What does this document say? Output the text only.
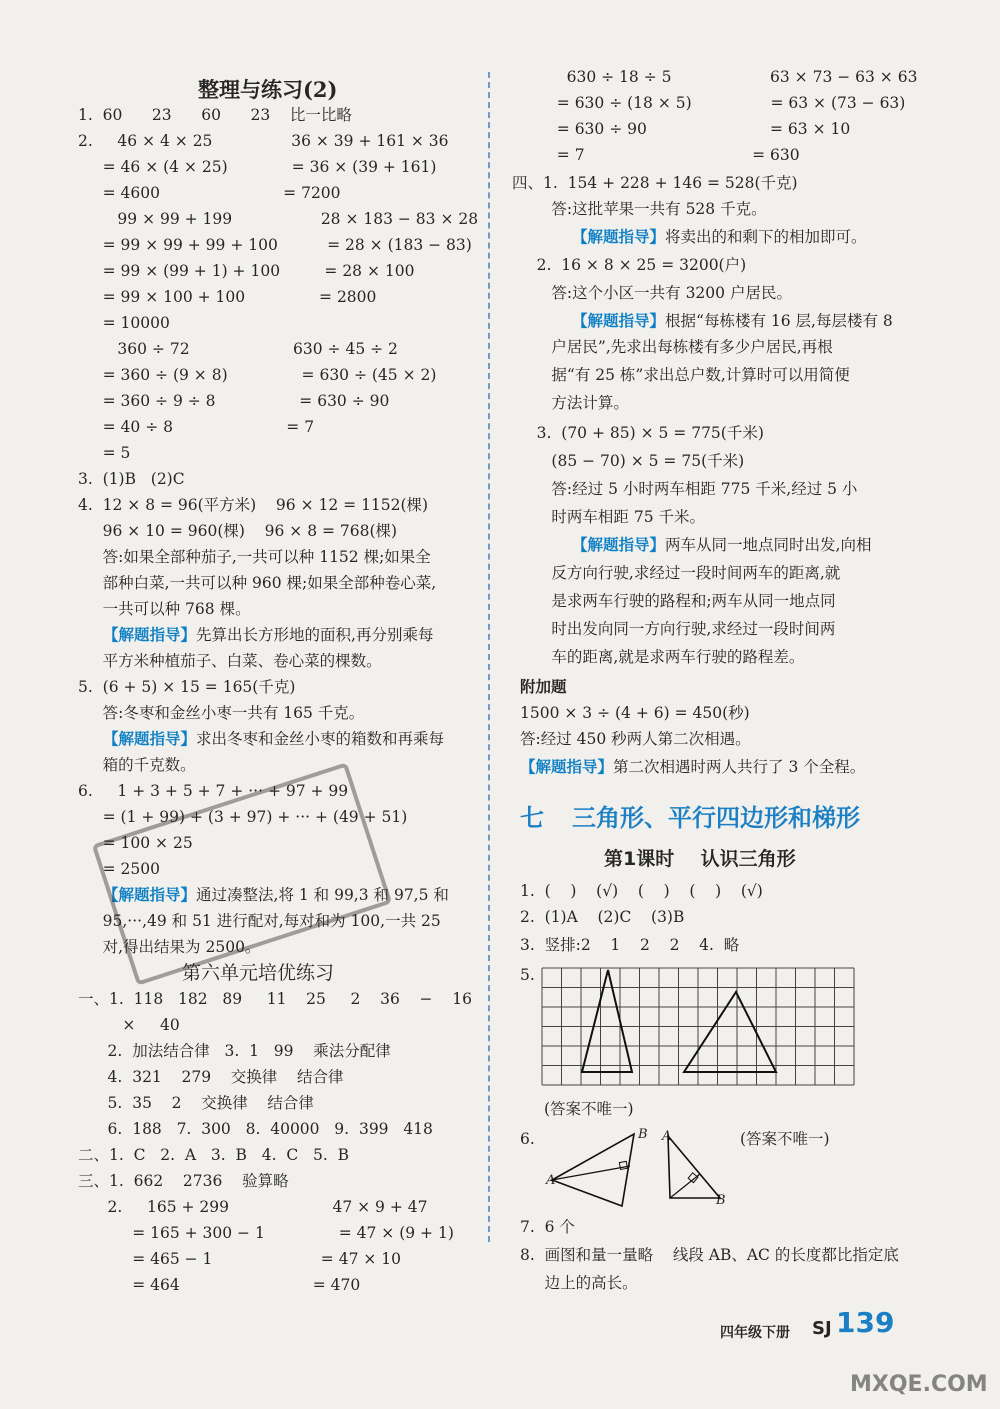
整理与练习(2)
1.  60      23      60      23    比一比略
2.     46 × 4 × 25                36 × 39 + 161 × 36
= 46 × (4 × 25)             = 36 × (39 + 161)
= 4600                         = 7200
99 × 99 + 199                  28 × 183 − 83 × 28
= 99 × 99 + 99 + 100          = 28 × (183 − 83)
= 99 × (99 + 1) + 100         = 28 × 100
= 99 × 100 + 100               = 2800
= 10000
360 ÷ 72                     630 ÷ 45 ÷ 2
= 360 ÷ (9 × 8)               = 630 ÷ (45 × 2)
= 360 ÷ 9 ÷ 8                 = 630 ÷ 90
= 40 ÷ 8                       = 7
= 5
3.  (1)B   (2)C
4.  12 × 8 = 96(平方米)    96 × 12 = 1152(棵)
96 × 10 = 960(棵)    96 × 8 = 768(棵)
答:如果全部种茄子,一共可以种 1152 棵;如果全
部种白菜,一共可以种 960 棵;如果全部种卷心菜,
一共可以种 768 棵。
【解题指导】先算出长方形地的面积,再分别乘每
平方米种植茄子、白菜、卷心菜的棵数。
5.  (6 + 5) × 15 = 165(千克)
答:冬枣和金丝小枣一共有 165 千克。
【解题指导】求出冬枣和金丝小枣的箱数和再乘每
箱的千克数。
6.     1 + 3 + 5 + 7 + ··· + 97 + 99
= (1 + 99) + (3 + 97) + ··· + (49 + 51)
= 100 × 25
= 2500
【解题指导】通过凑整法,将 1 和 99,3 和 97,5 和
95,···,49 和 51 进行配对,每对和为 100,一共 25
对,得出结果为 2500。
第六单元培优练习
一、1.  118   182   89     11    25     2    36    −    16
×     40
2.  加法结合律   3.  1   99    乘法分配律
4.  321    279    交换律    结合律
5.  35    2    交换律    结合律
6.  188   7.  300   8.  40000   9.  399   418
二、1.  C   2.  A   3.  B   4.  C   5.  B
三、1.  662    2736    验算略
2.     165 + 299                     47 × 9 + 47
= 165 + 300 − 1               = 47 × (9 + 1)
= 465 − 1                      = 47 × 10
= 464                           = 470
630 ÷ 18 ÷ 5                    63 × 73 − 63 × 63
= 630 ÷ (18 × 5)                = 63 × (73 − 63)
= 630 ÷ 90                         = 63 × 10
= 7                                  = 630
四、1.  154 + 228 + 146 = 528(千克)
答:这批苹果一共有 528 千克。
【解题指导】将卖出的和剩下的相加即可。
2.  16 × 8 × 25 = 3200(户)
答:这个小区一共有 3200 户居民。
【解题指导】根据“每栋楼有 16 层,每层楼有 8
户居民”,先求出每栋楼有多少户居民,再根
据“有 25 栋”求出总户数,计算时可以用简便
方法计算。
3.  (70 + 85) × 5 = 775(千米)
(85 − 70) × 5 = 75(千米)
答:经过 5 小时两车相距 775 千米,经过 5 小
时两车相距 75 千米。
【解题指导】两车从同一地点同时出发,向相
反方向行驶,求经过一段时间两车的距离,就
是求两车行驶的路程和;两车从同一地点同
时出发向同一方向行驶,求经过一段时间两
车的距离,就是求两车行驶的路程差。
附加题
1500 × 3 ÷ (4 + 6) = 450(秒)
答:经过 450 秒两人第二次相遇。
【解题指导】第二次相遇时两人共行了 3 个全程。
第1课时    认识三角形
1.  (    )    (√)    (    )    (    )    (√)
2.  (1)A    (2)C    (3)B
3.  竖排:2    1    2    2    4.  略
5.
(答案不唯一)
6.	(答案不唯一)
A
B A
B
7.  6 个
8.  画图和量一量略    线段 AB、AC 的长度都比指定底
边上的高长。
七 三角形、平行四边形和梯形
四年级下册 SJ 139
MXQE.COM
